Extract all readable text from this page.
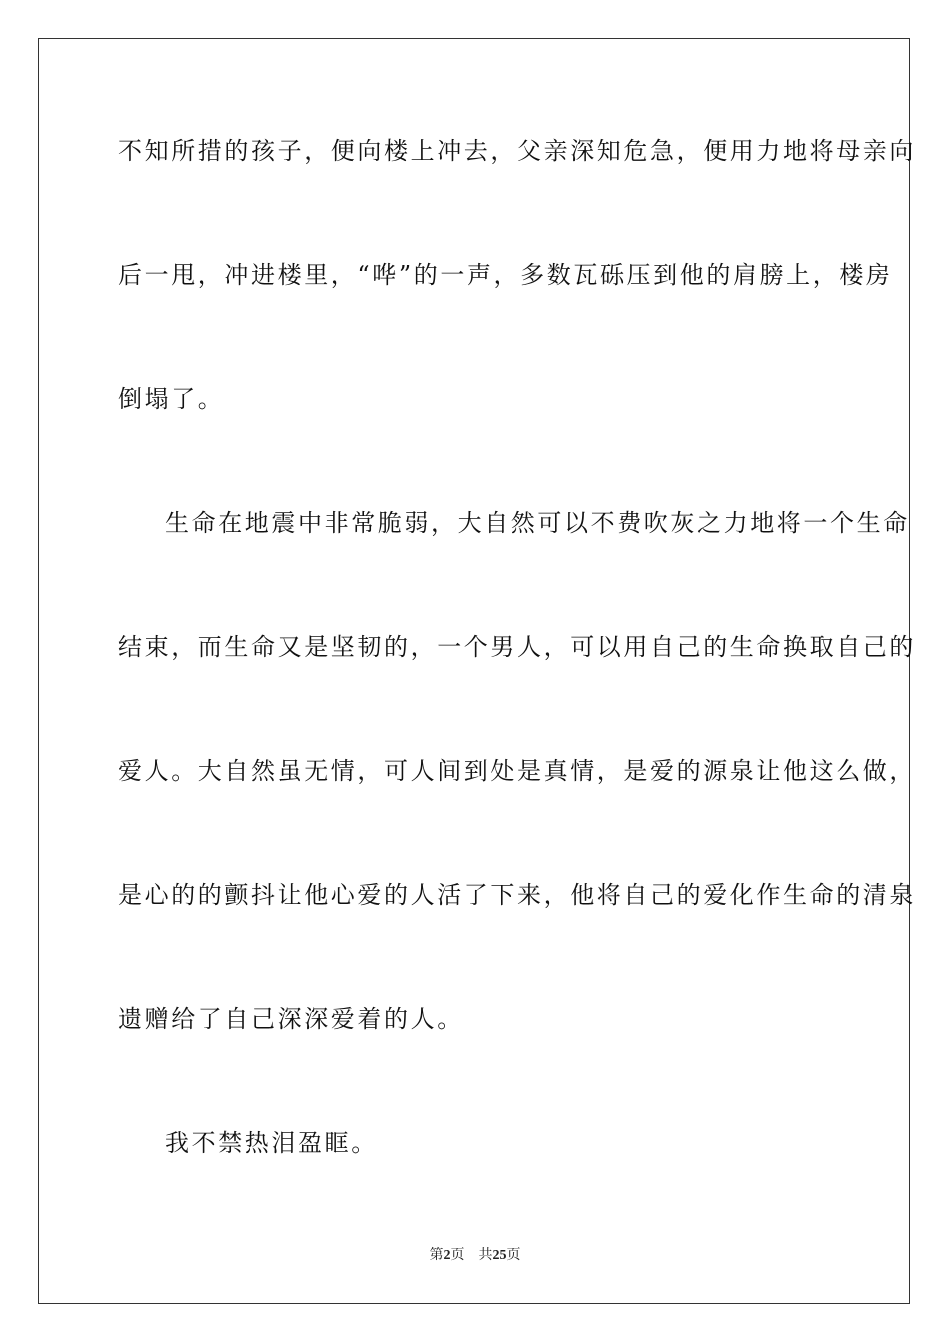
不知所措的孩子，便向楼上冲去，父亲深知危急，便用力地将母亲向
后一甩，冲进楼里，“哗”的一声，多数瓦砾压到他的肩膀上，楼房
倒塌了。
生命在地震中非常脆弱，大自然可以不费吹灰之力地将一个生命
结束，而生命又是坚韧的，一个男人，可以用自己的生命换取自己的
爱人。大自然虽无情，可人间到处是真情，是爱的源泉让他这么做，
是心的的颤抖让他心爱的人活了下来，他将自己的爱化作生命的清泉
遗赠给了自己深深爱着的人。
我不禁热泪盈眶。
第2页 共25页
